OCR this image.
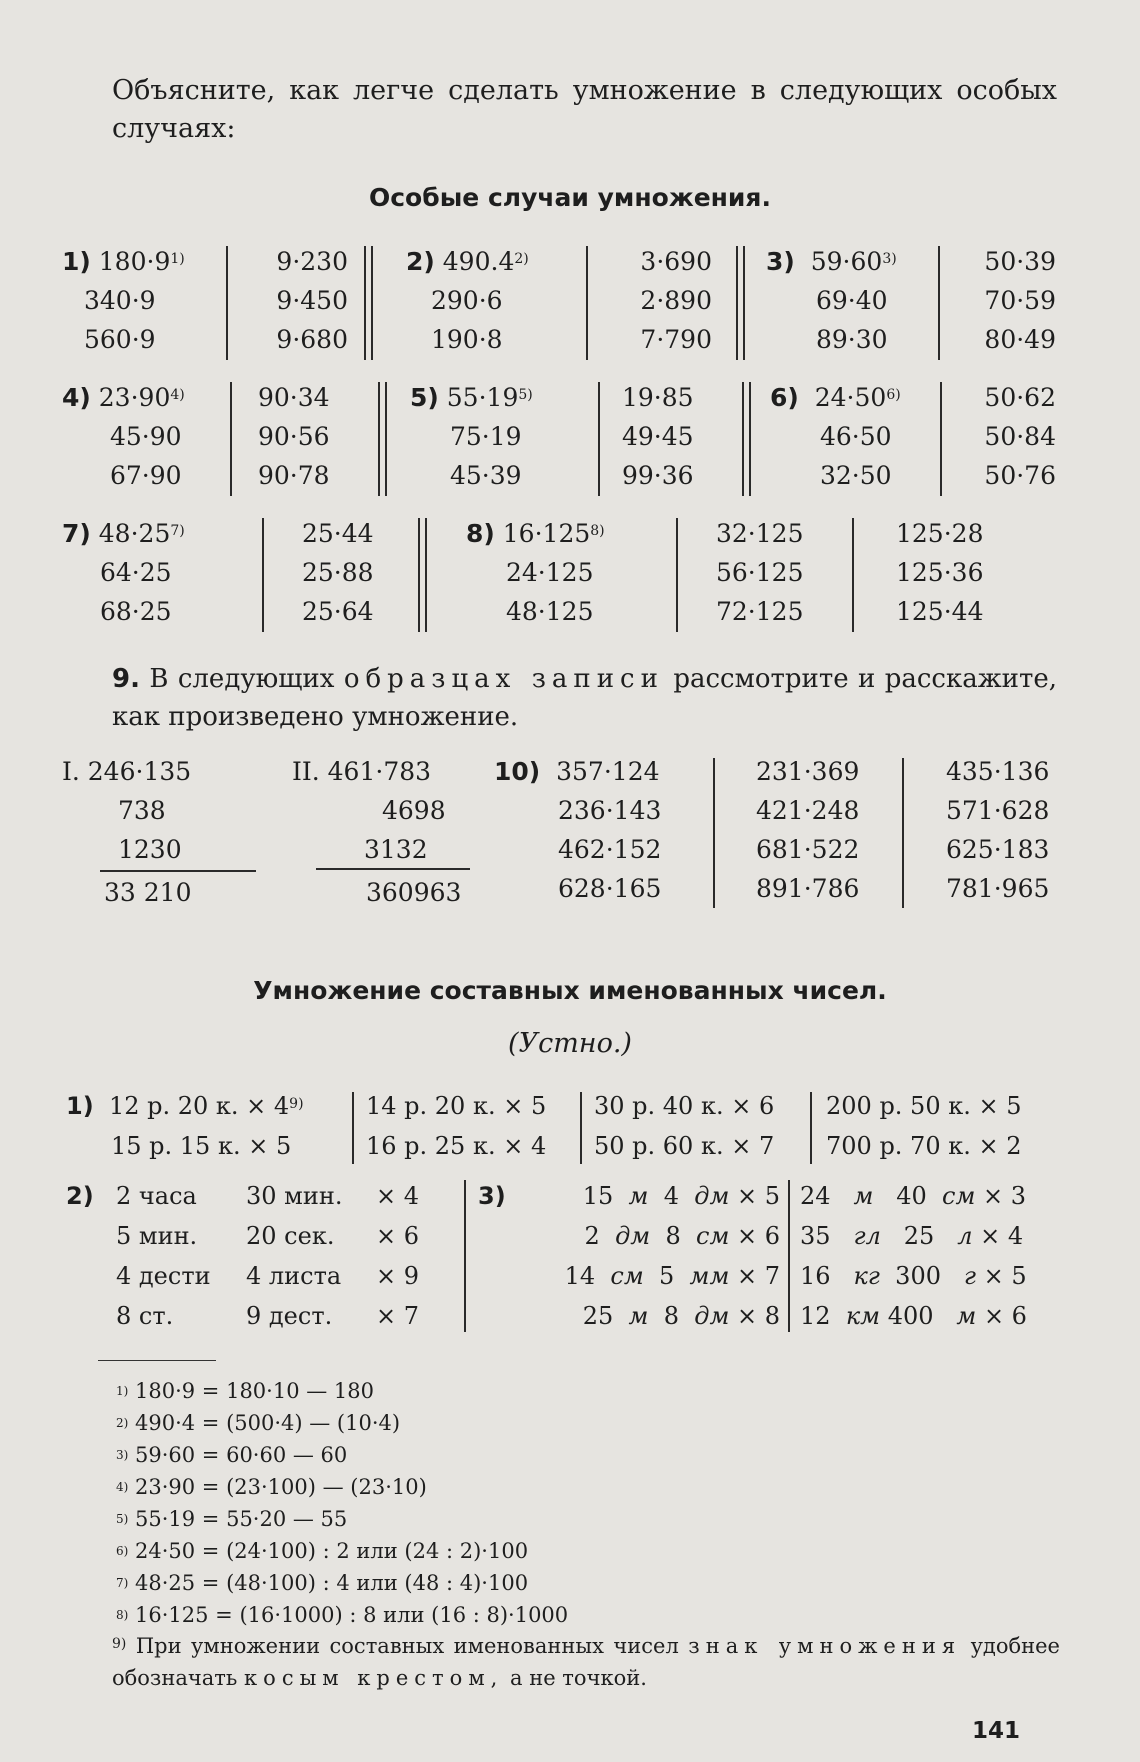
Объясните, как легче сделать умножение в следующих особых случаях:
Особые случаи умножения.
1) $180\cdot 9^{1)}$
340·9
560·9
9·230
9·450
9·680
2) 490.4$^{2)}$
290·6
190·8
3·690
2·890
7·790
3) $59\cdot 60^{3)}$
69·40
89·30
50·39
70·59
80·49
4) $23\cdot 90^{4)}$
45·90
67·90
90·34
90·56
90·78
5) $55\cdot 19^{5)}$
75·19
45·39
19·85
49·45
99·36
6) $24\cdot 50^{6)}$
46·50
32·50
50·62
50·84
50·76
7) $48\cdot 25^{7)}$
64·25
68·25
25·44
25·88
25·64
8) $16\cdot 125^{8)}$
24·125
48·125
32·125
56·125
72·125
125·28
125·36
125·44
9. В следующих образцах записи рассмотрите и расскажите, как произведено умножение.
I. 246·135
738
1230
33 210
II. 461·783
4698
3132
360963
10) 357·124
236·143
462·152
628·165
231·369
421·248
681·522
891·786
435·136
571·628
625·183
781·965
Умножение составных именованных чисел.
(Устно.)
1) 12 р. 20 к. × $4^{9)}$
15 р. 15 к. × 5
14 р. 20 к. × 5
16 р. 25 к. × 4
30 р. 40 к. × 6
50 р. 60 к. × 7
200 р. 50 к. × 5
700 р. 70 к. × 2
2) 2 часа 30 мин. × 4
5 мин. 20 сек. × 6
4 дести 4 листа × 9
8 ст.	9 дест. × 7
3)	15 м 4 дм × 5
2 дм 8 см × 6
14 см 5 мм × 7
25 м 8 дм × 8
24 м 40 см × 3
35 гл 25 л × 4
16 кг 300 г × 5
12 км 400 м × 6
$^{1)}$ 180·9 = 180·10 — 180
$^{2)}$ 490·4 = (500·4) — (10·4)
$^{3)}$ 59·60 = 60·60 — 60
$^{4)}$ 23·90 = (23·100) — (23·10)
$^{5)}$ 55·19 = 55·20 — 55
$^{6)}$ 24·50 = (24·100) : 2 или (24 : 2)·100
$^{7)}$ 48·25 = (48·100) : 4 или (48 : 4)·100
$^{8)}$ 16·125 = (16·1000) : 8 или (16 : 8)·1000
$^{9)}$ При умножении составных именованных чисел знак умножения удобнее обозначать косым крестом, а не точкой.
141
